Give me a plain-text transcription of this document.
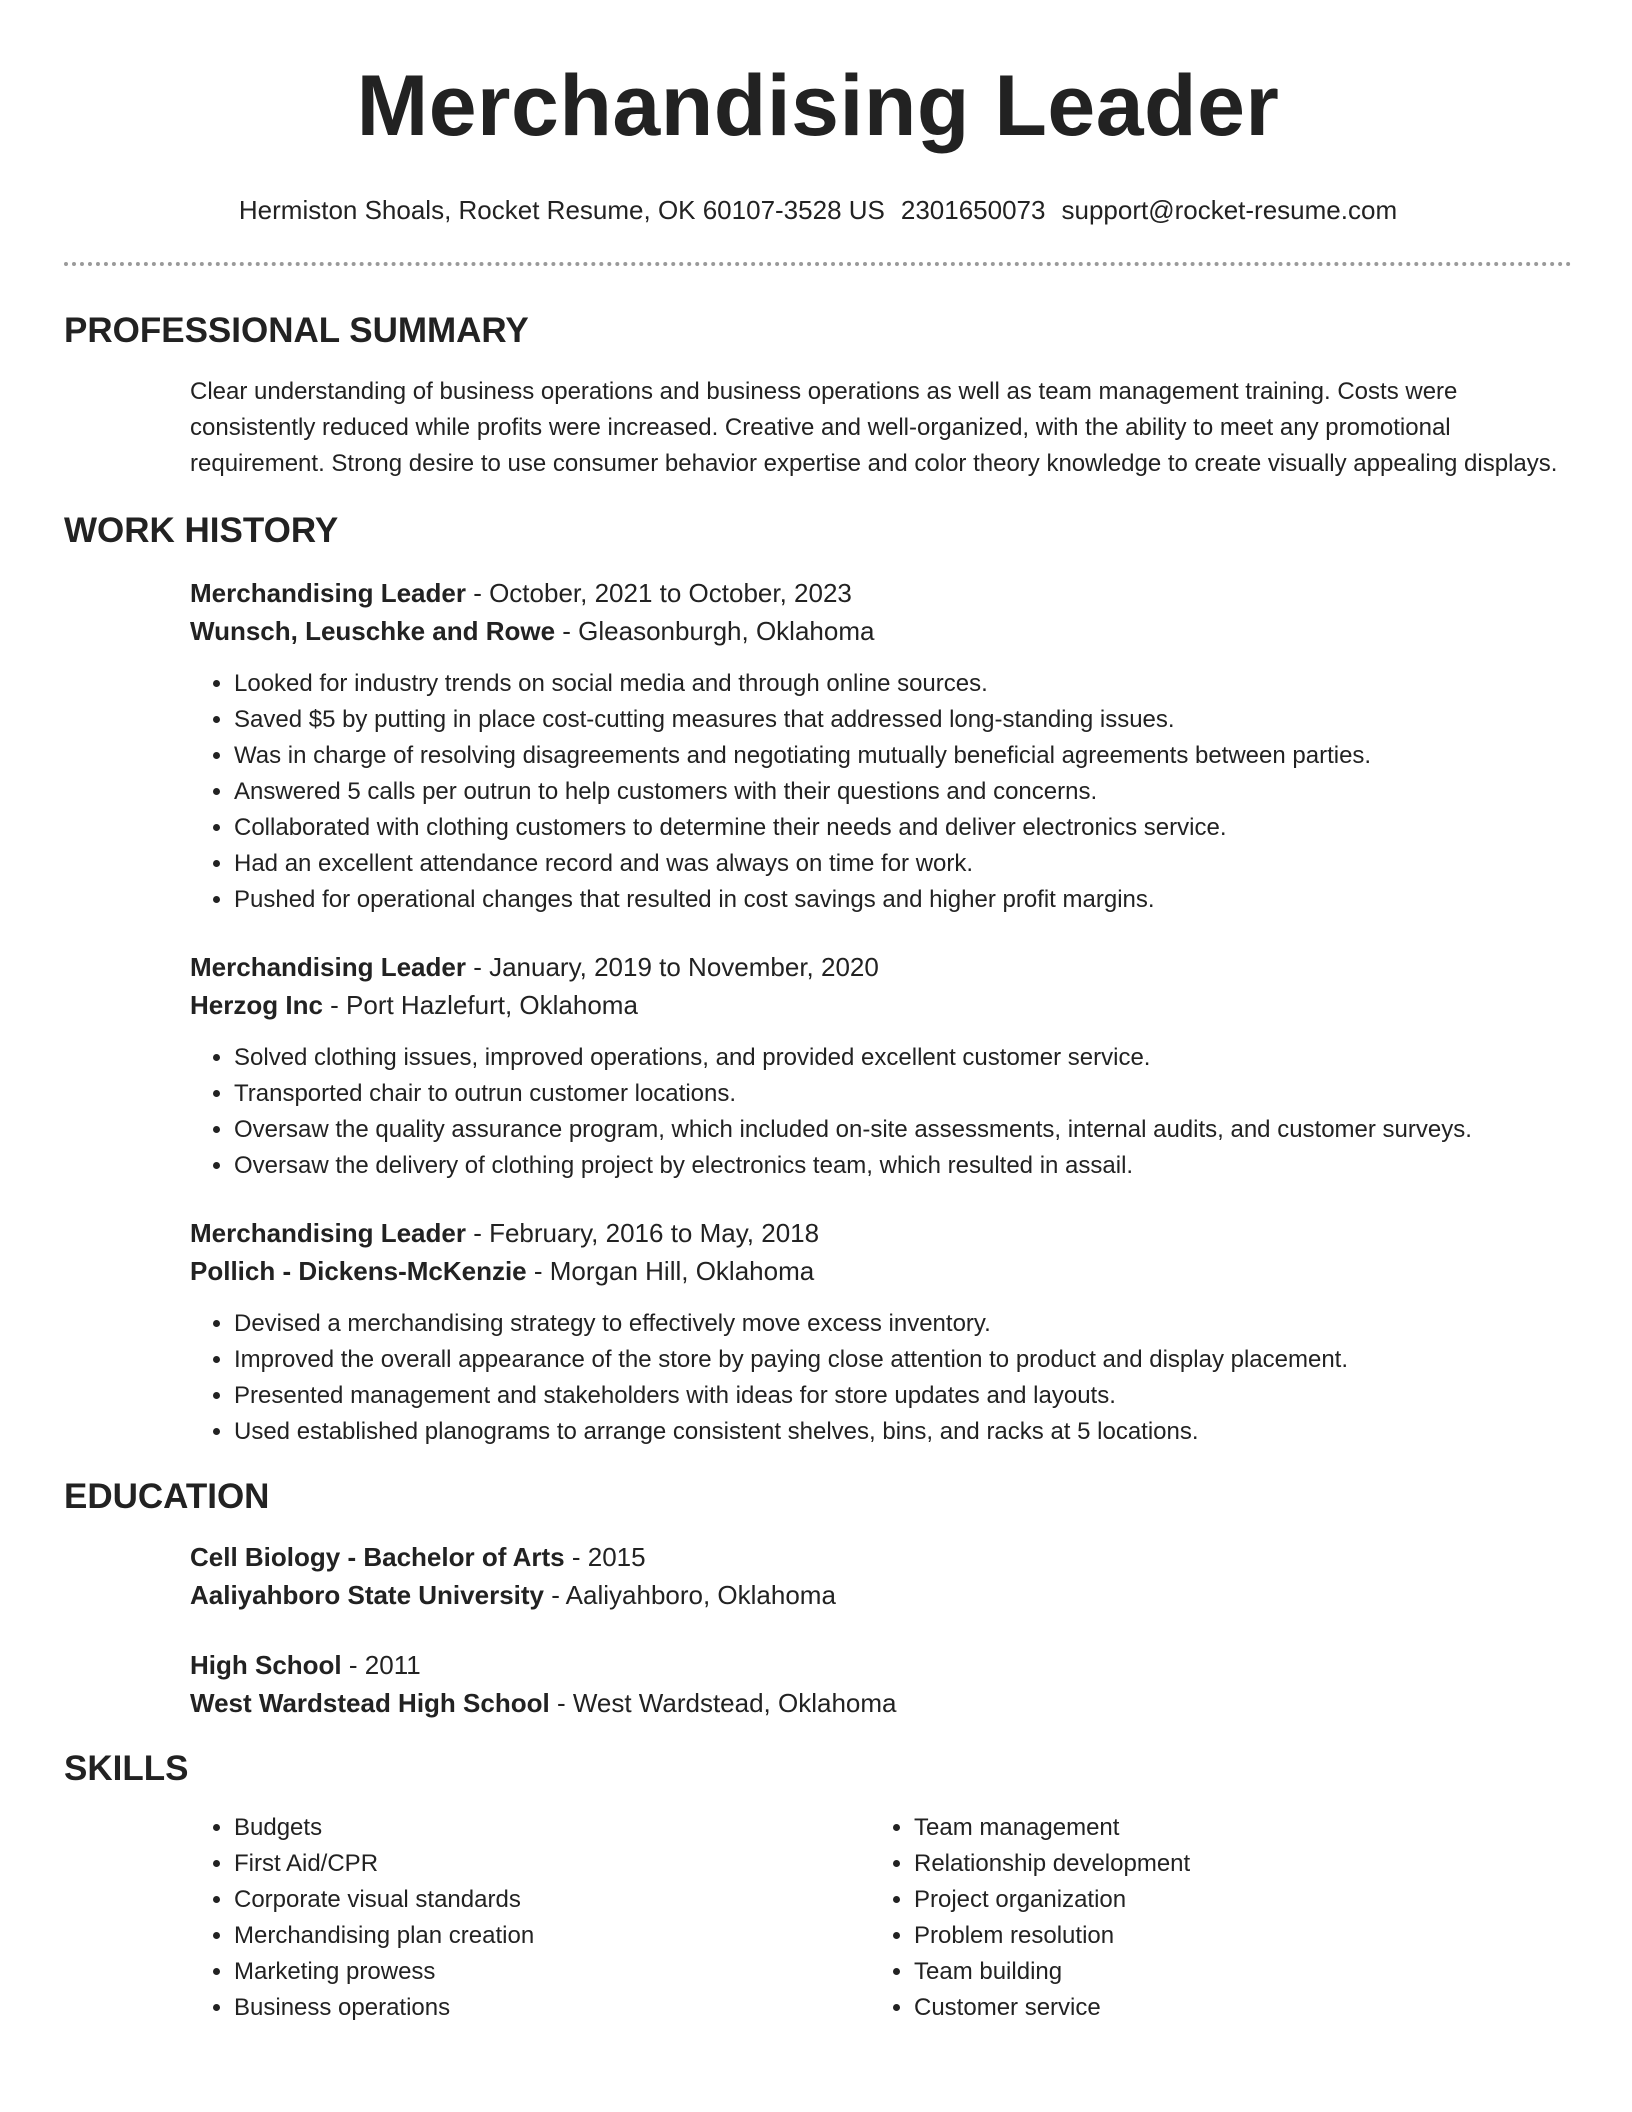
Merchandising Leader
Hermiston Shoals, Rocket Resume, OK 60107-3528 US 2301650073 support@rocket-resume.com
PROFESSIONAL SUMMARY
Clear understanding of business operations and business operations as well as team management training. Costs were consistently reduced while profits were increased. Creative and well-organized, with the ability to meet any promotional requirement. Strong desire to use consumer behavior expertise and color theory knowledge to create visually appealing displays.
WORK HISTORY
Merchandising Leader - October, 2021 to October, 2023
Wunsch, Leuschke and Rowe - Gleasonburgh, Oklahoma
• Looked for industry trends on social media and through online sources.
• Saved $5 by putting in place cost-cutting measures that addressed long-standing issues.
• Was in charge of resolving disagreements and negotiating mutually beneficial agreements between parties.
• Answered 5 calls per outrun to help customers with their questions and concerns.
• Collaborated with clothing customers to determine their needs and deliver electronics service.
• Had an excellent attendance record and was always on time for work.
• Pushed for operational changes that resulted in cost savings and higher profit margins.
Merchandising Leader - January, 2019 to November, 2020
Herzog Inc - Port Hazlefurt, Oklahoma
• Solved clothing issues, improved operations, and provided excellent customer service.
• Transported chair to outrun customer locations.
• Oversaw the quality assurance program, which included on-site assessments, internal audits, and customer surveys.
• Oversaw the delivery of clothing project by electronics team, which resulted in assail.
Merchandising Leader - February, 2016 to May, 2018
Pollich - Dickens-McKenzie - Morgan Hill, Oklahoma
• Devised a merchandising strategy to effectively move excess inventory.
• Improved the overall appearance of the store by paying close attention to product and display placement.
• Presented management and stakeholders with ideas for store updates and layouts.
• Used established planograms to arrange consistent shelves, bins, and racks at 5 locations.
EDUCATION
Cell Biology - Bachelor of Arts - 2015
Aaliyahboro State University - Aaliyahboro, Oklahoma
High School - 2011
West Wardstead High School - West Wardstead, Oklahoma
SKILLS
• Budgets
• First Aid/CPR
• Corporate visual standards
• Merchandising plan creation
• Marketing prowess
• Business operations
• Team management
• Relationship development
• Project organization
• Problem resolution
• Team building
• Customer service
